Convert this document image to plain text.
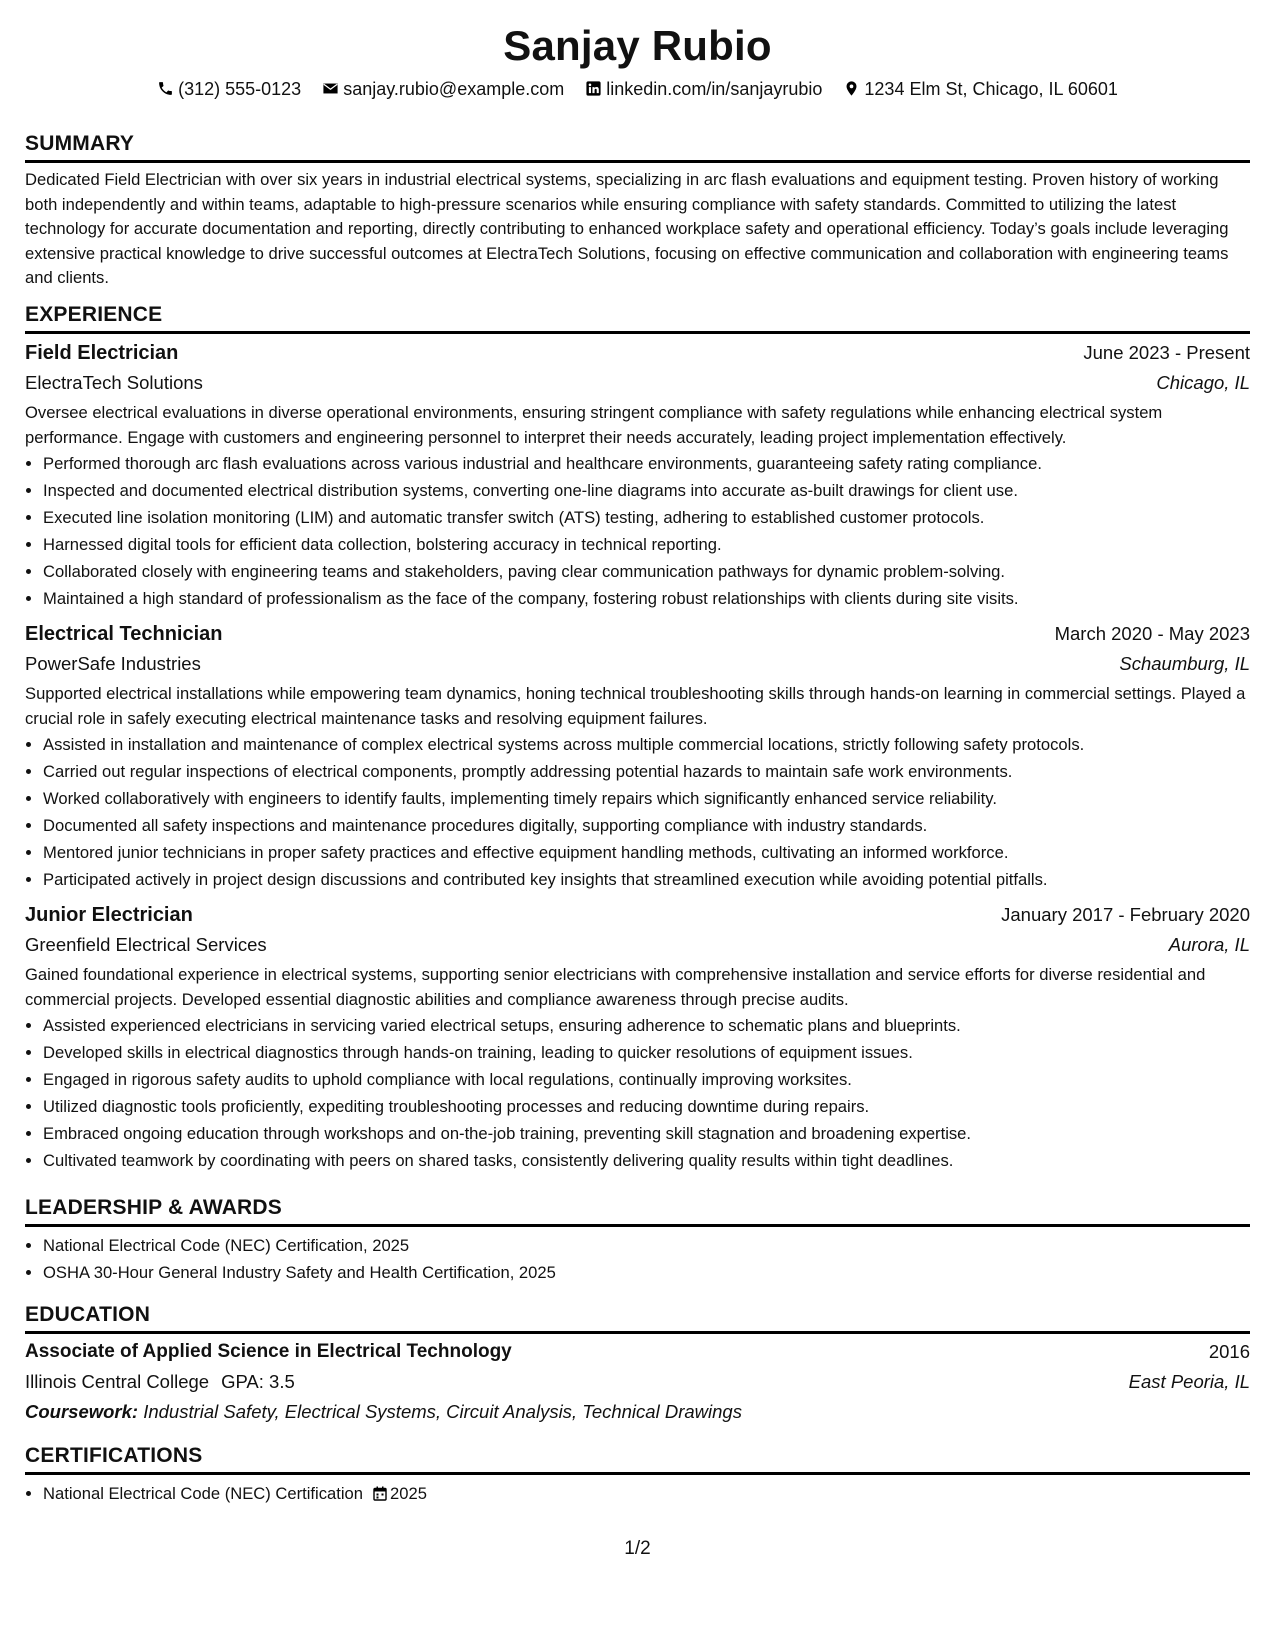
Sanjay Rubio
(312) 555-0123 sanjay.rubio@example.com linkedin.com/in/sanjayrubio 1234 Elm St, Chicago, IL 60601
SUMMARY

Dedicated Field Electrician with over six years in industrial electrical systems, specializing in arc flash evaluations and equipment testing. Proven history of working both independently and within teams, adaptable to high-pressure scenarios while ensuring compliance with safety standards. Committed to utilizing the latest technology for accurate documentation and reporting, directly contributing to enhanced workplace safety and operational efficiency. Today’s goals include leveraging extensive practical knowledge to drive successful outcomes at ElectraTech Solutions, focusing on effective communication and collaboration with engineering teams and clients.

EXPERIENCE
Field Electrician	June 2023 - Present
ElectraTech Solutions	Chicago, IL

Oversee electrical evaluations in diverse operational environments, ensuring stringent compliance with safety regulations while enhancing electrical system performance. Engage with customers and engineering personnel to interpret their needs accurately, leading project implementation effectively.

• Performed thorough arc flash evaluations across various industrial and healthcare environments, guaranteeing safety rating compliance.
• Inspected and documented electrical distribution systems, converting one-line diagrams into accurate as-built drawings for client use.
• Executed line isolation monitoring (LIM) and automatic transfer switch (ATS) testing, adhering to established customer protocols.
• Harnessed digital tools for efficient data collection, bolstering accuracy in technical reporting.
• Collaborated closely with engineering teams and stakeholders, paving clear communication pathways for dynamic problem-solving.
• Maintained a high standard of professionalism as the face of the company, fostering robust relationships with clients during site visits.
Electrical Technician	March 2020 - May 2023
PowerSafe Industries	Schaumburg, IL

Supported electrical installations while empowering team dynamics, honing technical troubleshooting skills through hands-on learning in commercial settings. Played a crucial role in safely executing electrical maintenance tasks and resolving equipment failures.

• Assisted in installation and maintenance of complex electrical systems across multiple commercial locations, strictly following safety protocols.
• Carried out regular inspections of electrical components, promptly addressing potential hazards to maintain safe work environments.
• Worked collaboratively with engineers to identify faults, implementing timely repairs which significantly enhanced service reliability.
• Documented all safety inspections and maintenance procedures digitally, supporting compliance with industry standards.
• Mentored junior technicians in proper safety practices and effective equipment handling methods, cultivating an informed workforce.
• Participated actively in project design discussions and contributed key insights that streamlined execution while avoiding potential pitfalls.
Junior Electrician	January 2017 - February 2020
Greenfield Electrical Services	Aurora, IL

Gained foundational experience in electrical systems, supporting senior electricians with comprehensive installation and service efforts for diverse residential and commercial projects. Developed essential diagnostic abilities and compliance awareness through precise audits.

• Assisted experienced electricians in servicing varied electrical setups, ensuring adherence to schematic plans and blueprints.
• Developed skills in electrical diagnostics through hands-on training, leading to quicker resolutions of equipment issues.
• Engaged in rigorous safety audits to uphold compliance with local regulations, continually improving worksites.
• Utilized diagnostic tools proficiently, expediting troubleshooting processes and reducing downtime during repairs.
• Embraced ongoing education through workshops and on-the-job training, preventing skill stagnation and broadening expertise.
• Cultivated teamwork by coordinating with peers on shared tasks, consistently delivering quality results within tight deadlines.
LEADERSHIP & AWARDS
• National Electrical Code (NEC) Certification, 2025
• OSHA 30-Hour General Industry Safety and Health Certification, 2025
EDUCATION
Associate of Applied Science in Electrical Technology	2016
Illinois Central College GPA: 3.5	East Peoria, IL
Coursework: Industrial Safety, Electrical Systems, Circuit Analysis, Technical Drawings
CERTIFICATIONS
• National Electrical Code (NEC) Certification 2025
1/2
